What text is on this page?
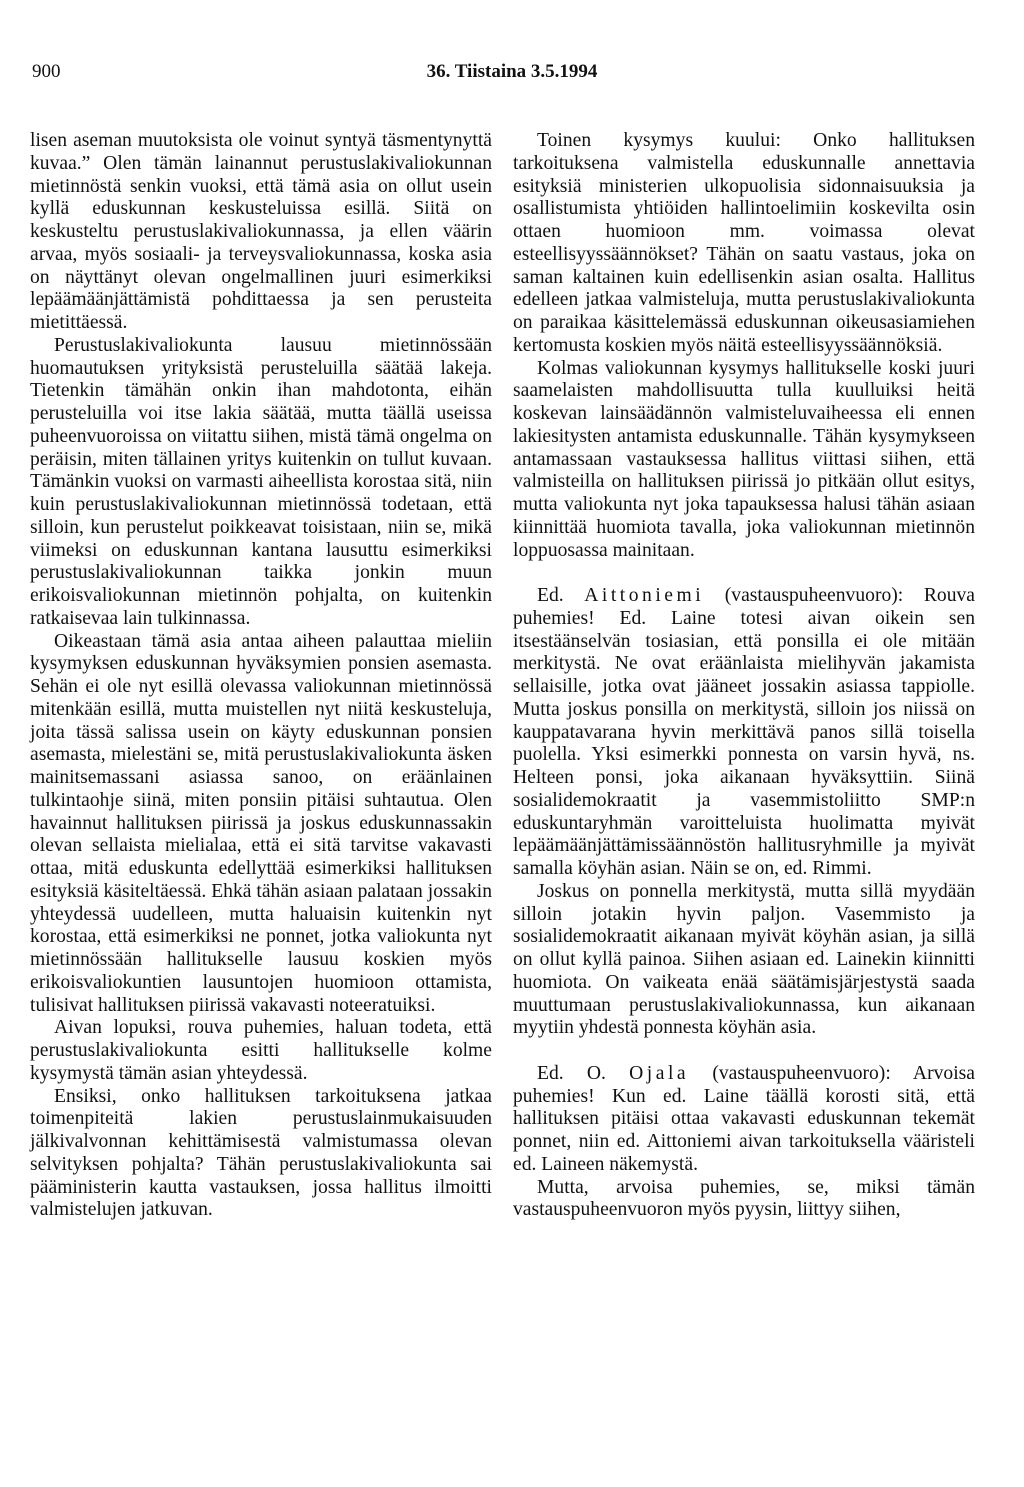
900	36. Tiistaina 3.5.1994

lisen aseman muutoksista ole voinut syntyä täsmentynyttä kuvaa.” Olen tämän lainannut perustuslakivaliokunnan mietinnöstä senkin vuoksi, että tämä asia on ollut usein kyllä eduskunnan keskusteluissa esillä. Siitä on keskusteltu perustuslakivaliokunnassa, ja ellen väärin arvaa, myös sosiaali- ja terveysvaliokunnassa, koska asia on näyttänyt olevan ongelmallinen juuri esimerkiksi lepäämäänjättämistä pohdittaessa ja sen perusteita mietittäessä.

Perustuslakivaliokunta lausuu mietinnössään huomautuksen yrityksistä perusteluilla säätää lakeja. Tietenkin tämähän onkin ihan mahdotonta, eihän perusteluilla voi itse lakia säätää, mutta täällä useissa puheenvuoroissa on viitattu siihen, mistä tämä ongelma on peräisin, miten tällainen yritys kuitenkin on tullut kuvaan. Tämänkin vuoksi on varmasti aiheellista korostaa sitä, niin kuin perustuslakivaliokunnan mietinnössä todetaan, että silloin, kun perustelut poikkeavat toisistaan, niin se, mikä viimeksi on eduskunnan kantana lausuttu esimerkiksi perustuslakivaliokunnan taikka jonkin muun erikoisvaliokunnan mietinnön pohjalta, on kuitenkin ratkaisevaa lain tulkinnassa.

Oikeastaan tämä asia antaa aiheen palauttaa mieliin kysymyksen eduskunnan hyväksymien ponsien asemasta. Sehän ei ole nyt esillä olevassa valiokunnan mietinnössä mitenkään esillä, mutta muistellen nyt niitä keskusteluja, joita tässä salissa usein on käyty eduskunnan ponsien asemasta, mielestäni se, mitä perustuslakivaliokunta äsken mainitsemassani asiassa sanoo, on eräänlainen tulkintaohje siinä, miten ponsiin pitäisi suhtautua. Olen havainnut hallituksen piirissä ja joskus eduskunnassakin olevan sellaista mielialaa, että ei sitä tarvitse vakavasti ottaa, mitä eduskunta edellyttää esimerkiksi hallituksen esityksiä käsiteltäessä. Ehkä tähän asiaan palataan jossakin yhteydessä uudelleen, mutta haluaisin kuitenkin nyt korostaa, että esimerkiksi ne ponnet, jotka valiokunta nyt mietinnössään hallitukselle lausuu koskien myös erikoisvaliokuntien lausuntojen huomioon ottamista, tulisivat hallituksen piirissä vakavasti noteeratuiksi.

Aivan lopuksi, rouva puhemies, haluan todeta, että perustuslakivaliokunta esitti hallitukselle kolme kysymystä tämän asian yhteydessä.

Ensiksi, onko hallituksen tarkoituksena jatkaa toimenpiteitä lakien perustuslainmukaisuuden jälkivalvonnan kehittämisestä valmistumassa olevan selvityksen pohjalta? Tähän perustuslakivaliokunta sai pääministerin kautta vastauksen, jossa hallitus ilmoitti valmistelujen jatkuvan.

Toinen kysymys kuului: Onko hallituksen tarkoituksena valmistella eduskunnalle annettavia esityksiä ministerien ulkopuolisia sidonnaisuuksia ja osallistumista yhtiöiden hallintoelimiin koskevilta osin ottaen huomioon mm. voimassa olevat esteellisyyssäännökset? Tähän on saatu vastaus, joka on saman kaltainen kuin edellisenkin asian osalta. Hallitus edelleen jatkaa valmisteluja, mutta perustuslakivaliokunta on paraikaa käsittelemässä eduskunnan oikeusasiamiehen kertomusta koskien myös näitä esteellisyyssäännöksiä.

Kolmas valiokunnan kysymys hallitukselle koski juuri saamelaisten mahdollisuutta tulla kuulluiksi heitä koskevan lainsäädännön valmisteluvaiheessa eli ennen lakiesitysten antamista eduskunnalle. Tähän kysymykseen antamassaan vastauksessa hallitus viittasi siihen, että valmisteilla on hallituksen piirissä jo pitkään ollut esitys, mutta valiokunta nyt joka tapauksessa halusi tähän asiaan kiinnittää huomiota tavalla, joka valiokunnan mietinnön loppuosassa mainitaan.

Ed. Aittoniemi (vastauspuheenvuoro): Rouva puhemies! Ed. Laine totesi aivan oikein sen itsestäänselvän tosiasian, että ponsilla ei ole mitään merkitystä. Ne ovat eräänlaista mielihyvän jakamista sellaisille, jotka ovat jääneet jossakin asiassa tappiolle. Mutta joskus ponsilla on merkitystä, silloin jos niissä on kauppatavarana hyvin merkittävä panos sillä toisella puolella. Yksi esimerkki ponnesta on varsin hyvä, ns. Helteen ponsi, joka aikanaan hyväksyttiin. Siinä sosialidemokraatit ja vasemmistoliitto SMP:n eduskuntaryhmän varoitteluista huolimatta myivät lepäämäänjättämissäännöstön hallitusryhmille ja myivät samalla köyhän asian. Näin se on, ed. Rimmi.

Joskus on ponnella merkitystä, mutta sillä myydään silloin jotakin hyvin paljon. Vasemmisto ja sosialidemokraatit aikanaan myivät köyhän asian, ja sillä on ollut kyllä painoa. Siihen asiaan ed. Lainekin kiinnitti huomiota. On vaikeata enää säätämisjärjestystä saada muuttumaan perustuslakivaliokunnassa, kun aikanaan myytiin yhdestä ponnesta köyhän asia.

Ed. O. Ojala (vastauspuheenvuoro): Arvoisa puhemies! Kun ed. Laine täällä korosti sitä, että hallituksen pitäisi ottaa vakavasti eduskunnan tekemät ponnet, niin ed. Aittoniemi aivan tarkoituksella vääristeli ed. Laineen näkemystä.

Mutta, arvoisa puhemies, se, miksi tämän vastauspuheenvuoron myös pyysin, liittyy siihen,
